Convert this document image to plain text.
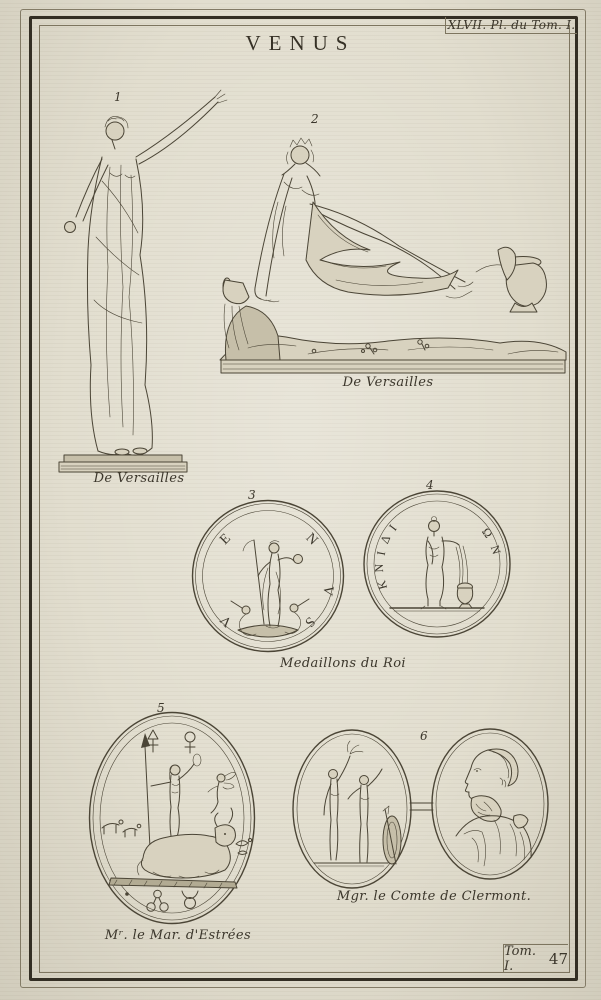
XLVII. Pl. du Tom. I.
VENUS
1
2
3
4
5
6
De Versailles
De Versailles
Medaillons du Roi
Mʳ. le Mar. d'Estrées
Mgr. le Comte de Clermont.
E	N
V
S
V
Κ
Ν
Ι
Δ
Ι	Ω
Ν
Tom. I.	47
